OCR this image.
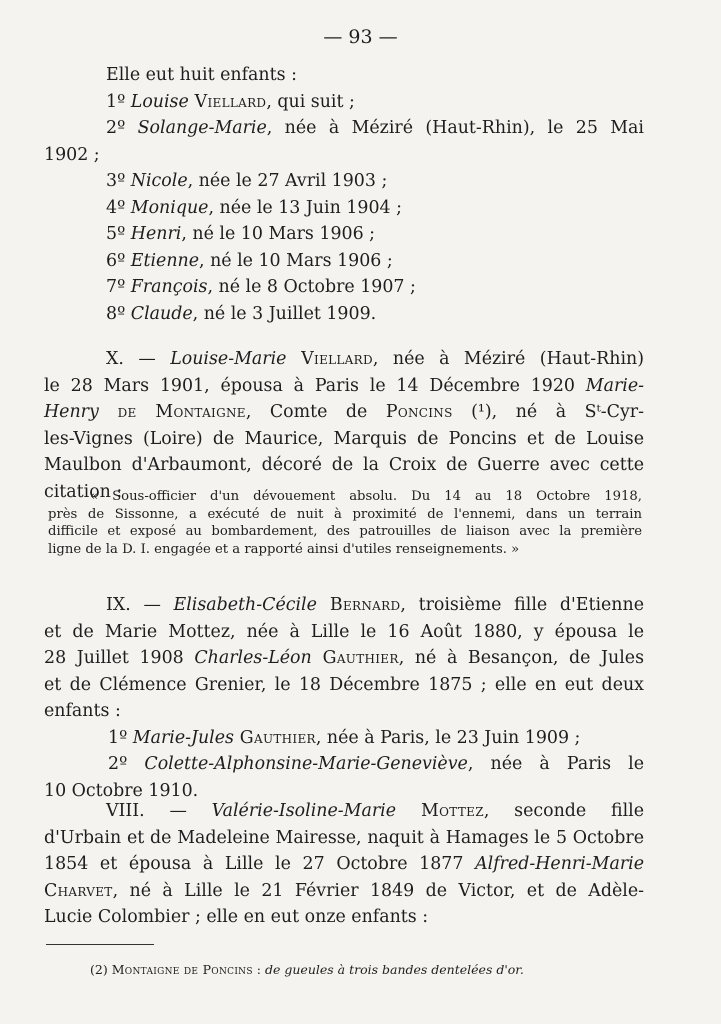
— 93 —
Elle eut huit enfants :
1º Louise Viellard, qui suit ;
2º Solange-Marie, née à Méziré (Haut-Rhin), le 25 Mai
1902 ;
3º Nicole, née le 27 Avril 1903 ;
4º Monique, née le 13 Juin 1904 ;
5º Henri, né le 10 Mars 1906 ;
6º Etienne, né le 10 Mars 1906 ;
7º François, né le 8 Octobre 1907 ;
8º Claude, né le 3 Juillet 1909.
X. — Louise-Marie Viellard, née à Méziré (Haut-Rhin)
le 28 Mars 1901, épousa à Paris le 14 Décembre 1920 Marie-
Henry de Montaigne, Comte de Poncins (¹), né à Sᵗ-Cyr-
les-Vignes (Loire) de Maurice, Marquis de Poncins et de Louise
Maulbon d'Arbaumont, décoré de la Croix de Guerre avec cette
citation :
« Sous-officier d'un dévouement absolu. Du 14 au 18 Octobre 1918,
près de Sissonne, a exécuté de nuit à proximité de l'ennemi, dans un terrain
difficile et exposé au bombardement, des patrouilles de liaison avec la première
ligne de la D. I. engagée et a rapporté ainsi d'utiles renseignements. »
IX. — Elisabeth-Cécile Bernard, troisième fille d'Etienne
et de Marie Mottez, née à Lille le 16 Août 1880, y épousa le
28 Juillet 1908 Charles-Léon Gauthier, né à Besançon, de Jules
et de Clémence Grenier, le 18 Décembre 1875 ; elle en eut deux
enfants :
1º Marie-Jules Gauthier, née à Paris, le 23 Juin 1909 ;
2º Colette-Alphonsine-Marie-Geneviève, née à Paris le
10 Octobre 1910.
VIII. — Valérie-Isoline-Marie Mottez, seconde fille
d'Urbain et de Madeleine Mairesse, naquit à Hamages le 5 Octobre
1854 et épousa à Lille le 27 Octobre 1877 Alfred-Henri-Marie
Charvet, né à Lille le 21 Février 1849 de Victor, et de Adèle-
Lucie Colombier ; elle en eut onze enfants :
(2) Montaigne de Poncins : de gueules à trois bandes dentelées d'or.
